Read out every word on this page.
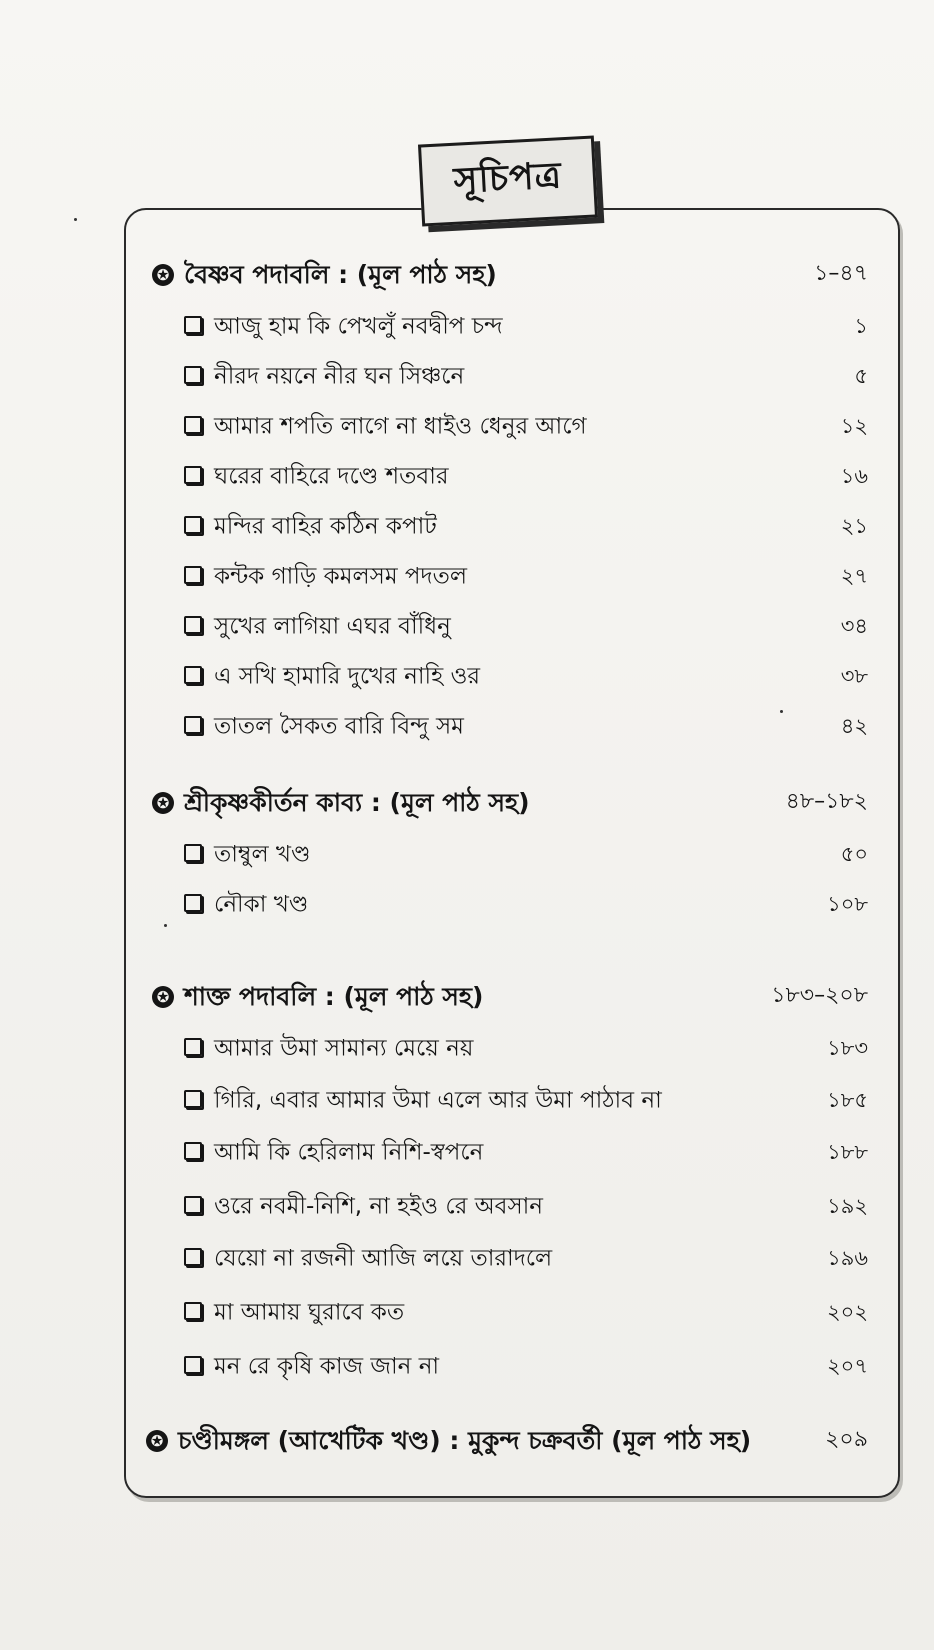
সূচিপত্র
✪ বৈষ্ণব পদাবলি : (মূল পাঠ সহ)	১–৪৭
আজু হাম কি পেখলুঁ নবদ্বীপ চন্দ	১
নীরদ নয়নে নীর ঘন সিঞ্চনে	৫
আমার শপতি লাগে না ধাইও ধেনুর আগে	১২
ঘরের বাহিরে দণ্ডে শতবার	১৬
মন্দির বাহির কঠিন কপাট	২১
কন্টক গাড়ি কমলসম পদতল	২৭
সুখের লাগিয়া এঘর বাঁধিনু	৩৪
এ সখি হামারি দুখের নাহি ওর	৩৮
তাতল সৈকত বারি বিন্দু সম	৪২
✪ শ্রীকৃষ্ণকীর্তন কাব্য : (মূল পাঠ সহ)	৪৮–১৮২
তাম্বুল খণ্ড	৫০
নৌকা খণ্ড	১০৮
✪ শাক্ত পদাবলি : (মূল পাঠ সহ)	১৮৩–২০৮
আমার উমা সামান্য মেয়ে নয়	১৮৩
গিরি, এবার আমার উমা এলে আর উমা পাঠাব না	১৮৫
আমি কি হেরিলাম নিশি-স্বপনে	১৮৮
ওরে নবমী-নিশি, না হইও রে অবসান	১৯২
যেয়ো না রজনী আজি লয়ে তারাদলে	১৯৬
মা আমায় ঘুরাবে কত	২০২
মন রে কৃষি কাজ জান না	২০৭
✪ চণ্ডীমঙ্গল (আখেটিক খণ্ড) : মুকুন্দ চক্রবর্তী (মূল পাঠ সহ)	২০৯
